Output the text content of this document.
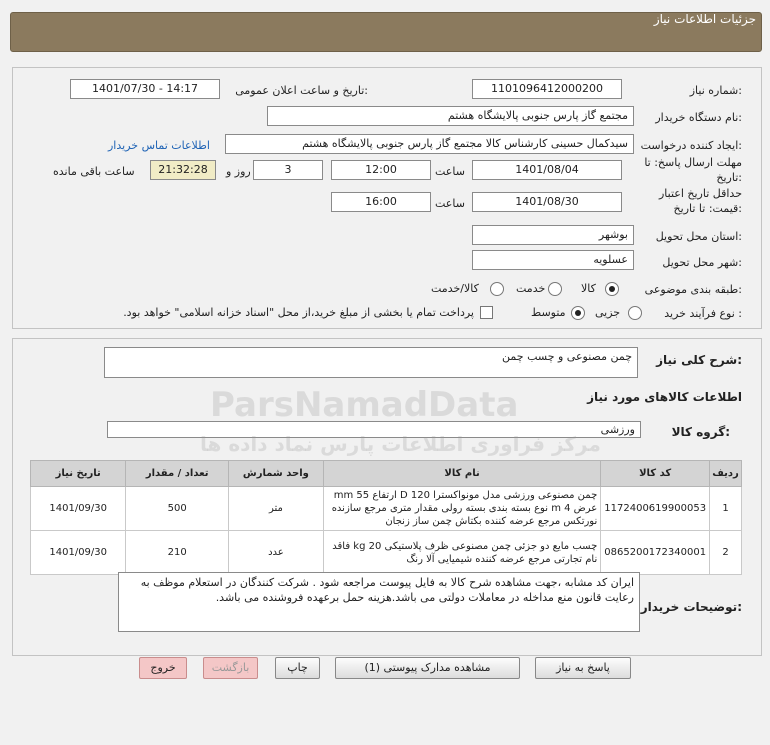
جزئیات اطلاعات نیاز
شماره نیاز:
1101096412000200
تاریخ و ساعت اعلان عمومی:
1401/07/30 - 14:17
نام دستگاه خریدار:
مجتمع گاز پارس جنوبی پالایشگاه هشتم
ایجاد کننده درخواست:
سیدکمال حسینی کارشناس کالا مجتمع گاز پارس جنوبی پالایشگاه هشتم
اطلاعات تماس خریدار
مهلت ارسال پاسخ: تا
تاریخ:
1401/08/04
ساعت
12:00
3
روز و
21:32:28
ساعت باقی مانده
حداقل تاریخ اعتبار
قیمت: تا تاریخ:
1401/08/30
ساعت
16:00
استان محل تحویل:
بوشهر
شهر محل تحویل:
عسلویه
طبقه بندی موضوعی:
کالا
خدمت
کالا/خدمت
نوع فرآیند خرید :
جزیی
متوسط
پرداخت تمام یا بخشی از مبلغ خرید،از محل "اسناد خزانه اسلامی" خواهد بود.
شرح کلی نیاز:
چمن مصنوعی و چسب چمن
اطلاعات کالاهای مورد نیاز
گروه کالا:
ورزشی
ردیف	کد کالا	نام کالا	واحد شمارش	تعداد / مقدار	تاریخ نیاز
1	1172400619900053	چمن مصنوعی ورزشی مدل مونواکسترا D 120 ارتفاع mm 55 عرض m 4 نوع بسته بندی بسته رولی مقدار متری مرجع سازنده نورتکس مرجع عرضه کننده بکتاش چمن ساز زنجان	متر	500	1401/09/30
2	0865200172340001	چسب مایع دو جزئی چمن مصنوعی ظرف پلاستیکی kg 20 فاقد نام تجارتی مرجع عرضه کننده شیمیایی آلا رنگ	عدد	210	1401/09/30
توضیحات خریدار:
ایران کد مشابه ،جهت مشاهده شرح کالا به فایل پیوست مراجعه شود . شرکت کنندگان در استعلام موظف به رعایت قانون منع مداخله در معاملات دولتی می باشد.هزینه حمل برعهده فروشنده می باشد.
پاسخ به نیاز
مشاهده مدارک پیوستی (1)
چاپ
بازگشت
خروج
ParsNamadData
مرکز فراوری اطلاعات پارس نماد داده ها
